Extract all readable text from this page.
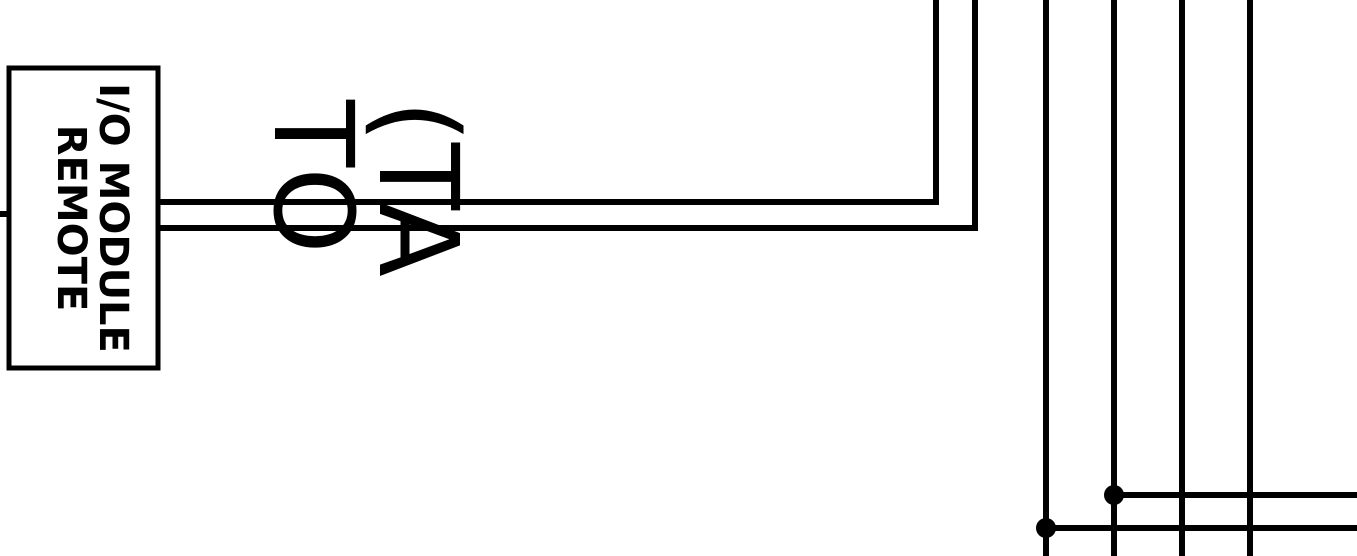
TO
(TA
REMOTE
I/O MODULE
